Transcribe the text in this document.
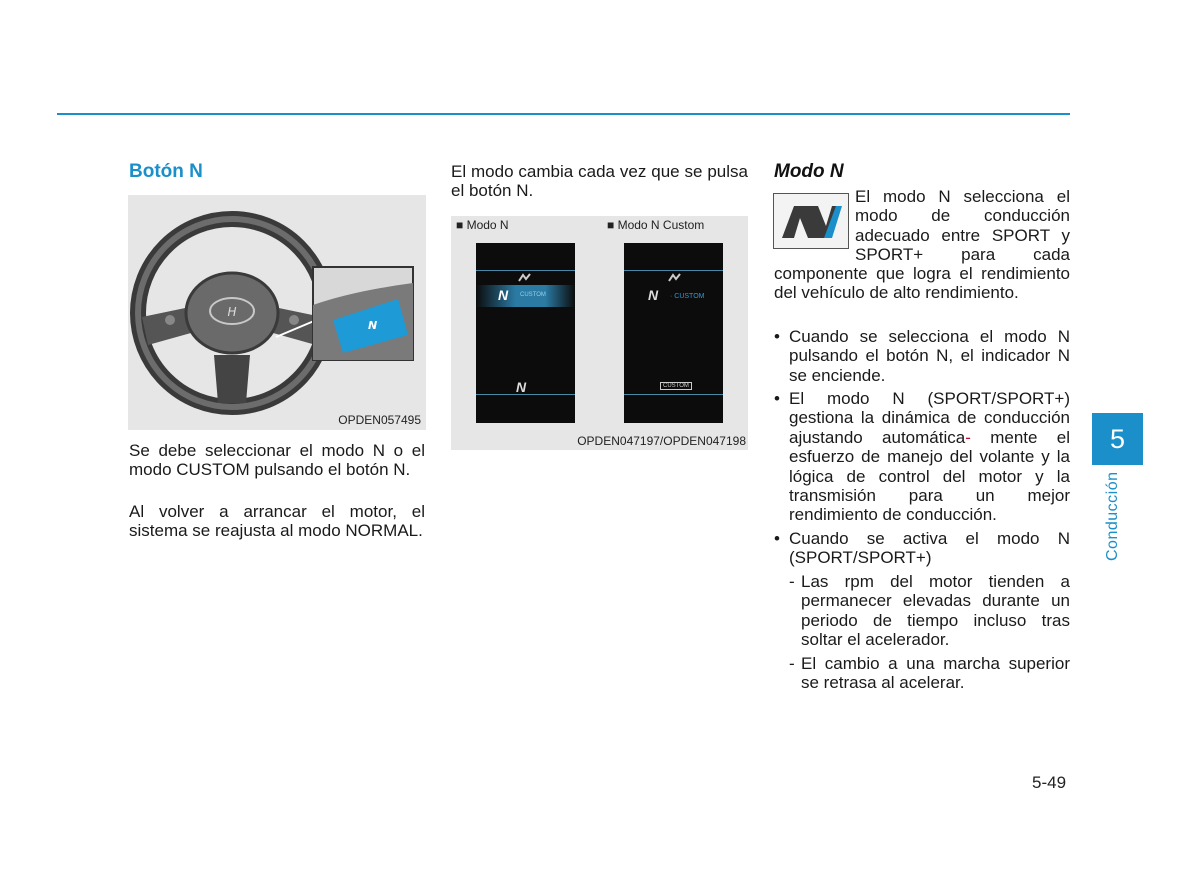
Botón N
H
N
OPDEN057495

Se debe seleccionar el modo N o el modo CUSTOM pulsando el botón N.

Al volver a arrancar el motor, el sistema se reajusta al modo NORMAL.

El modo cambia cada vez que se pulsa el botón N.

■ Modo N	■ Modo N Custom
N CUSTOM
N
N · CUSTOM
CUSTOM
OPDEN047197/OPDEN047198
Modo N

El modo N selecciona el

modo de conducción

adecuado entre SPORT y

SPORT+ para cada

componente que logra el rendimiento del vehículo de alto rendimiento.

• Cuando se selecciona el modo N pulsando el botón N, el indicador N se enciende.

• El modo N (SPORT/SPORT+) gestiona la dinámica de conducción ajustando automática- mente el esfuerzo de manejo del volante y la lógica de control del motor y la transmisión para un mejor rendimiento de conducción.

• Cuando se activa el modo N (SPORT/SPORT+)

- Las rpm del motor tienden a permanecer elevadas durante un periodo de tiempo incluso tras soltar el acelerador.

- El cambio a una marcha superior se retrasa al acelerar.

5
Conducción
5-49
